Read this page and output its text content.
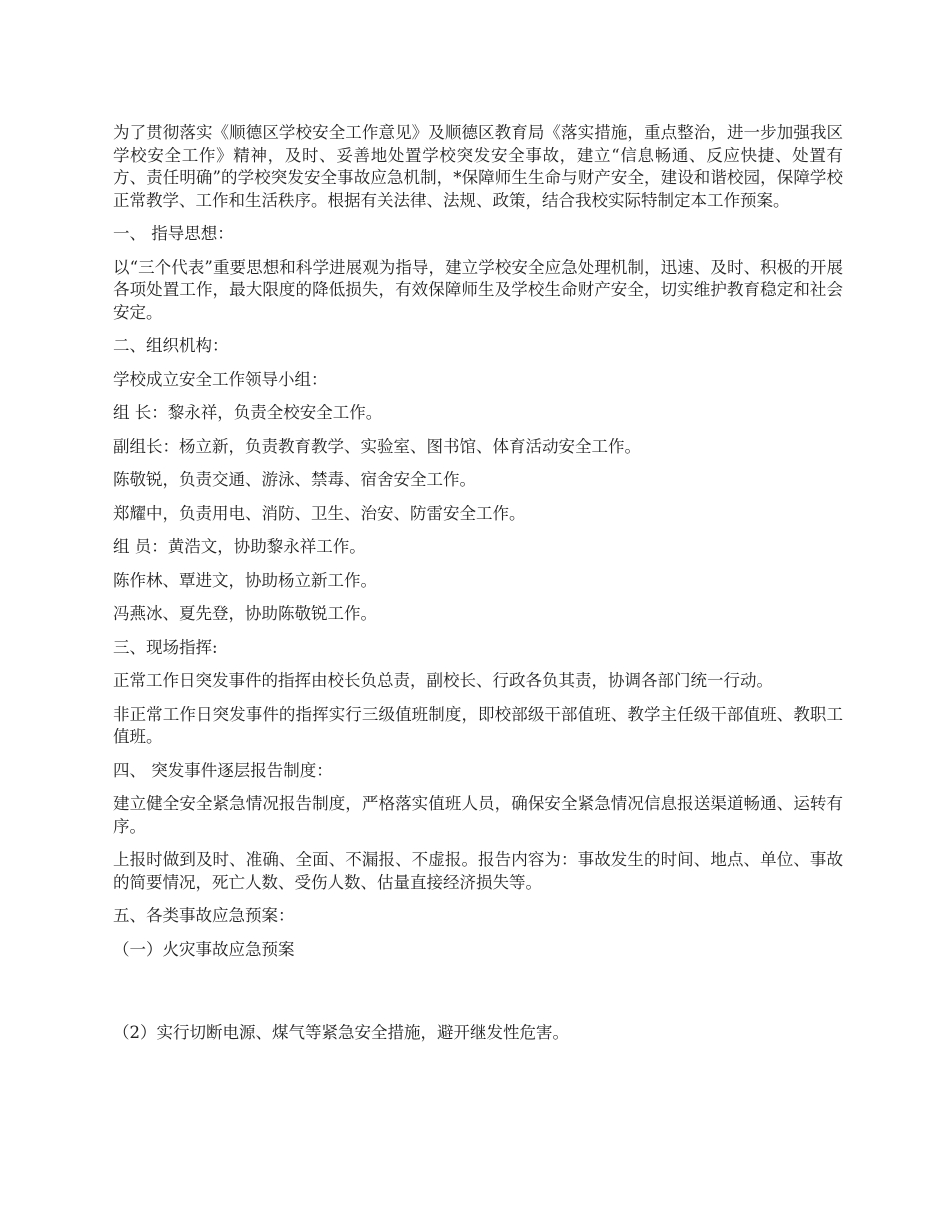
为了贯彻落实《顺德区学校安全工作意见》及顺德区教育局《落实措施，重点整治，进一步加强我区学校安全工作》精神，及时、妥善地处置学校突发安全事故，建立“信息畅通、反应快捷、处置有方、责任明确”的学校突发安全事故应急机制，*保障师生生命与财产安全，建设和谐校园，保障学校正常教学、工作和生活秩序。根据有关法律、法规、政策，结合我校实际特制定本工作预案。

一、 指导思想：

以“三个代表”重要思想和科学进展观为指导，建立学校安全应急处理机制，迅速、及时、积极的开展各项处置工作，最大限度的降低损失，有效保障师生及学校生命财产安全，切实维护教育稳定和社会安定。

二、组织机构：

学校成立安全工作领导小组：

组 长：黎永祥，负责全校安全工作。

副组长：杨立新，负责教育教学、实验室、图书馆、体育活动安全工作。

陈敬锐，负责交通、游泳、禁毒、宿舍安全工作。

郑耀中，负责用电、消防、卫生、治安、防雷安全工作。

组 员：黄浩文，协助黎永祥工作。

陈作林、覃进文，协助杨立新工作。

冯燕冰、夏先登，协助陈敬锐工作。

三、现场指挥:

正常工作日突发事件的指挥由校长负总责，副校长、行政各负其责，协调各部门统一行动。

非正常工作日突发事件的指挥实行三级值班制度，即校部级干部值班、教学主任级干部值班、教职工值班。

四、 突发事件逐层报告制度：

建立健全安全紧急情况报告制度，严格落实值班人员，确保安全紧急情况信息报送渠道畅通、运转有序。

上报时做到及时、准确、全面、不漏报、不虚报。报告内容为：事故发生的时间、地点、单位、事故的简要情况，死亡人数、受伤人数、估量直接经济损失等。

五、各类事故应急预案：

（一）火灾事故应急预案

（2）实行切断电源、煤气等紧急安全措施，避开继发性危害。
